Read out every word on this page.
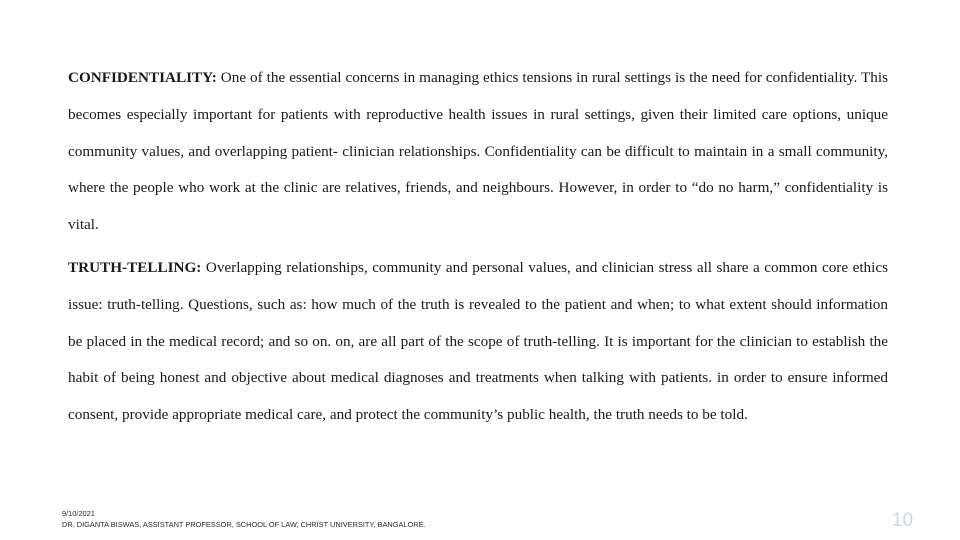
CONFIDENTIALITY: One of the essential concerns in managing ethics tensions in rural settings is the need for confidentiality. This becomes especially important for patients with reproductive health issues in rural settings, given their limited care options, unique community values, and overlapping patient- clinician relationships. Confidentiality can be difficult to maintain in a small community, where the people who work at the clinic are relatives, friends, and neighbours. However, in order to “do no harm,” confidentiality is vital.

TRUTH-TELLING: Overlapping relationships, community and personal values, and clinician stress all share a common core ethics issue: truth-telling. Questions, such as: how much of the truth is revealed to the patient and when; to what extent should information be placed in the medical record; and so on. on, are all part of the scope of truth-telling. It is important for the clinician to establish the habit of being honest and objective about medical diagnoses and treatments when talking with patients. in order to ensure informed consent, provide appropriate medical care, and protect the community’s public health, the truth needs to be told.

9/10/2021
DR. DIGANTA BISWAS, ASSISTANT PROFESSOR, SCHOOL OF LAW, CHRIST UNIVERSITY, BANGALORE.	10
